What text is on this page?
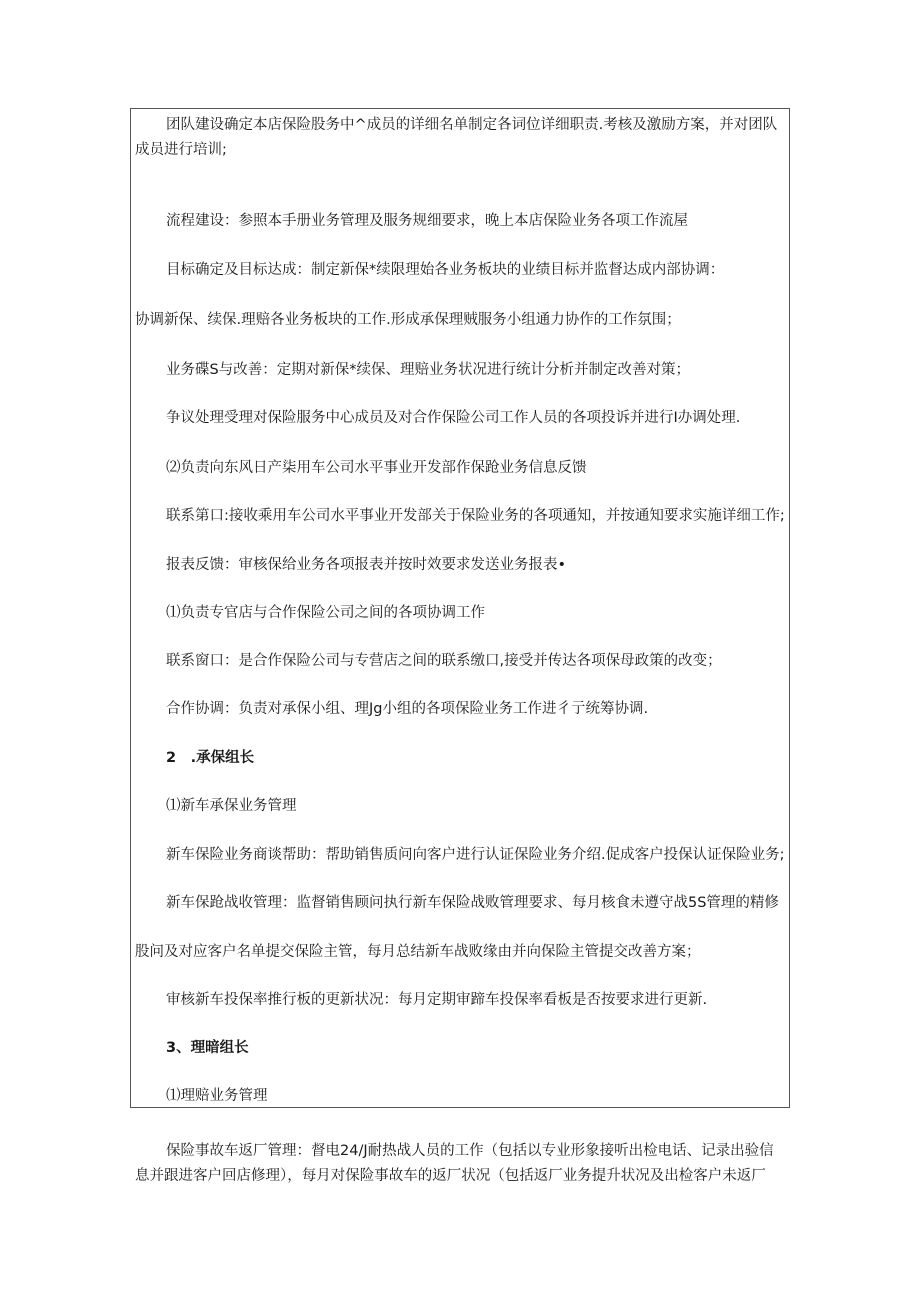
团队建设确定本店保险股务中^成员的详细名单制定各词位详细职责.考核及激励方案，并对团队
成员进行培训;
流程建设：参照本手册业务管理及服务规细要求，晚上本店保险业务各项工作流屋
目标确定及目标达成：制定新保*续限理始各业务板块的业绩目标并监督达成内部协调：
协调新保、续保.理赔各业务板块的工作.形成承保理贼服务小组通力协作的工作氛围；
业务碟S与改善：定期对新保*续保、理赔业务状况进行统计分析并制定改善对策；
争议处理受理对保险服务中心成员及对合作保险公司工作人员的各项投诉并进行I办调处理.
⑵负责向东风日产柒用车公司水平事业开发部作保跄业务信息反馈
联系第口:接收乘用车公司水平事业开发部关于保险业务的各项通知，并按通知要求实施详细工作;
报表反馈：审核保给业务各项报表并按时效要求发送业务报表•
⑴负责专官店与合作保险公司之间的各项协调工作
联系窗口：是合作保险公司与专营店之间的联系缴口,接受并传达各项保母政策的改变；
合作协调：负责对承保小组、理Jg小组的各项保险业务工作进彳亍统筹协调.
2　.承保组长
⑴新车承保业务管理
新车保险业务商谈帮助：帮助销售质问向客户进行认证保险业务介绍.促成客户投保认证保险业务;
新车保跄战收管理：监督销售顾问执行新车保险战败管理要求、每月核食未遵守战5S管理的精修
股问及对应客户名单提交保险主管，每月总结新车战败缘由并向保险主管提交改善方案；
审核新车投保率推行板的更新状况：每月定期审蹄车投保率看板是否按要求进行更新.
3、理暗组长
⑴理赔业务管理
保险事故车返厂管理：督电24/J耐热战人员的工作（包括以专业形象接听出检电话、记录出验信
息并跟进客户回店修理），每月对保险事故车的返厂状况（包括返厂业务提升状况及出检客户未返厂
